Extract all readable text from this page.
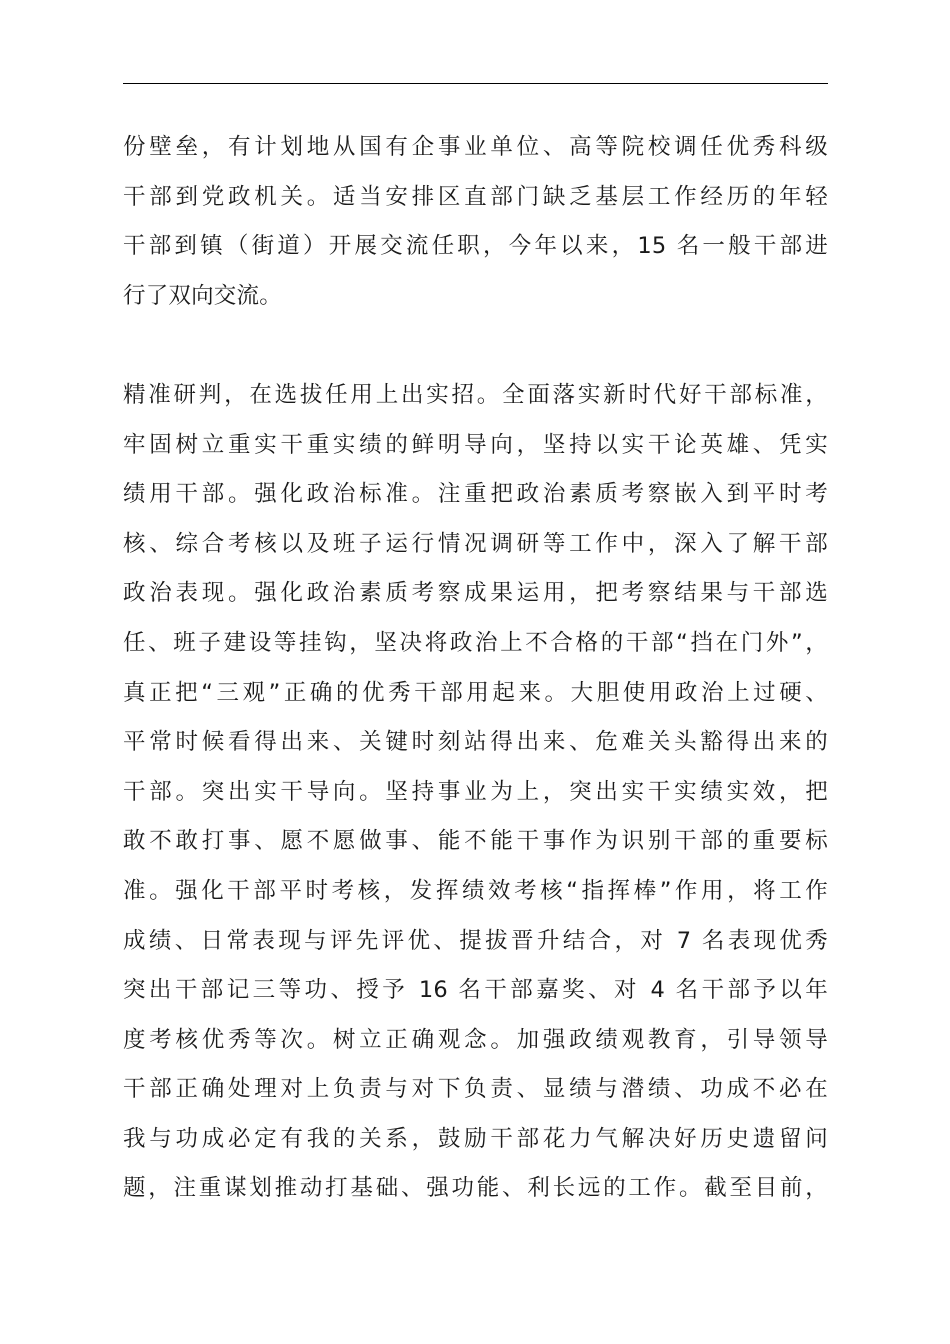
份壁垒，有计划地从国有企事业单位、高等院校调任优秀科级
干部到党政机关。适当安排区直部门缺乏基层工作经历的年轻
干部到镇（街道）开展交流任职，今年以来，15 名一般干部进
行了双向交流。
精准研判，在选拔任用上出实招。全面落实新时代好干部标准，
牢固树立重实干重实绩的鲜明导向，坚持以实干论英雄、凭实
绩用干部。强化政治标准。注重把政治素质考察嵌入到平时考
核、综合考核以及班子运行情况调研等工作中，深入了解干部
政治表现。强化政治素质考察成果运用，把考察结果与干部选
任、班子建设等挂钩，坚决将政治上不合格的干部“挡在门外”，
真正把“三观”正确的优秀干部用起来。大胆使用政治上过硬、
平常时候看得出来、关键时刻站得出来、危难关头豁得出来的
干部。突出实干导向。坚持事业为上，突出实干实绩实效，把
敢不敢打事、愿不愿做事、能不能干事作为识别干部的重要标
准。强化干部平时考核，发挥绩效考核“指挥棒”作用，将工作
成绩、日常表现与评先评优、提拔晋升结合，对 7 名表现优秀
突出干部记三等功、授予 16 名干部嘉奖、对 4 名干部予以年
度考核优秀等次。树立正确观念。加强政绩观教育，引导领导
干部正确处理对上负责与对下负责、显绩与潜绩、功成不必在
我与功成必定有我的关系，鼓励干部花力气解决好历史遗留问
题，注重谋划推动打基础、强功能、利长远的工作。截至目前，
